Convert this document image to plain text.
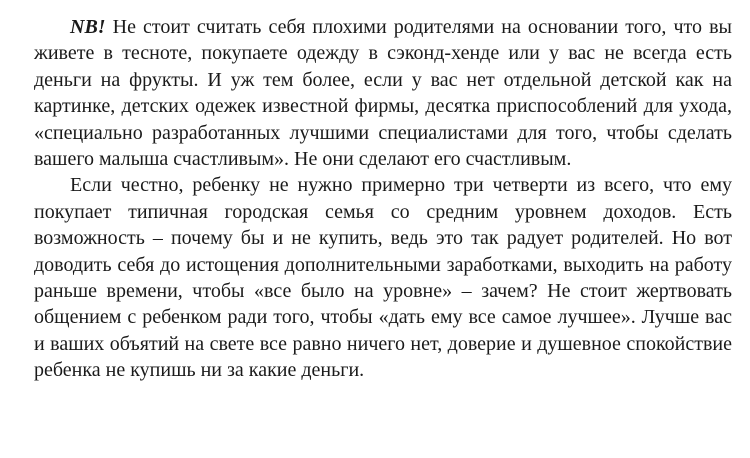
NB! Не стоит считать себя плохими родителями на основании того, что вы живете в тесноте, покупаете одежду в сэконд-хенде или у вас не всегда есть деньги на фрукты. И уж тем более, если у вас нет отдельной детской как на картинке, детских одежек известной фирмы, десятка приспособлений для ухода, «специально разработанных лучшими специалистами для того, чтобы сделать вашего малыша счастливым». Не они сделают его счастливым.

Если честно, ребенку не нужно примерно три четверти из всего, что ему покупает типичная городская семья со средним уровнем доходов. Есть возможность – почему бы и не купить, ведь это так радует родителей. Но вот доводить себя до истощения дополнительными заработками, выходить на работу раньше времени, чтобы «все было на уровне» – зачем? Не стоит жертвовать общением с ребенком ради того, чтобы «дать ему все самое лучшее». Лучше вас и ваших объятий на свете все равно ничего нет, доверие и душевное спокойствие ребенка не купишь ни за какие деньги.
